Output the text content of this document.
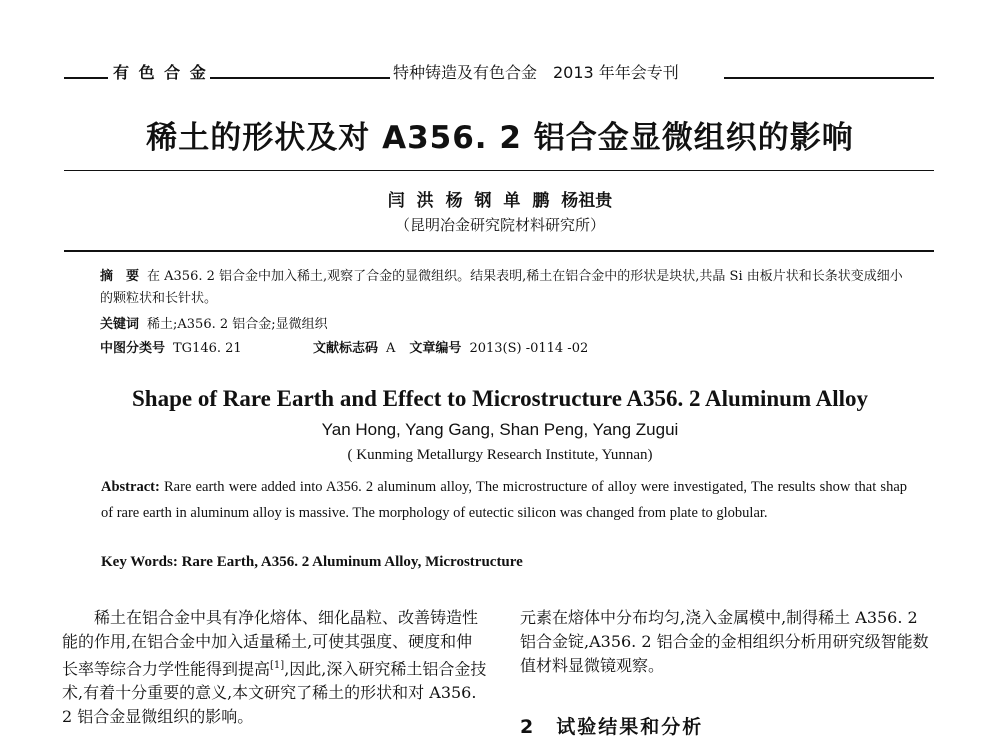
有 色 合 金	特种铸造及有色合金　2013 年年会专刊
稀土的形状及对 A356. 2 铝合金显微组织的影响
闫 洪 杨 钢 单 鹏 杨祖贵
（昆明冶金研究院材料研究所）
摘　要 在 A356. 2 铝合金中加入稀土,观察了合金的显微组织。结果表明,稀土在铝合金中的形状是块状,共晶 Si 由板片状和长条状变成细小的颗粒状和长针状。
关键词 稀土;A356. 2 铝合金;显微组织
中图分类号 TG146. 21	文献标志码 A 文章编号 2013(S) -0114 -02
Shape of Rare Earth and Effect to Microstructure A356. 2 Aluminum Alloy
Yan Hong, Yang Gang, Shan Peng, Yang Zugui
( Kunming Metallurgy Research Institute, Yunnan)
Abstract: Rare earth were added into A356. 2 aluminum alloy, The microstructure of alloy were investigated, The results show that shap of rare earth in aluminum alloy is massive. The morphology of eutectic silicon was changed from plate to globular.
Key Words: Rare Earth, A356. 2 Aluminum Alloy, Microstructure

稀土在铝合金中具有净化熔体、细化晶粒、改善铸造性能的作用,在铝合金中加入适量稀土,可使其强度、硬度和伸长率等综合力学性能得到提高[1],因此,深入研究稀土铝合金技术,有着十分重要的意义,本文研究了稀土的形状和对 A356. 2 铝合金显微组织的影响。

元素在熔体中分布均匀,浇入金属模中,制得稀土 A356. 2 铝合金锭,A356. 2 铝合金的金相组织分析用研究级智能数值材料显微镜观察。

2　试验结果和分析
